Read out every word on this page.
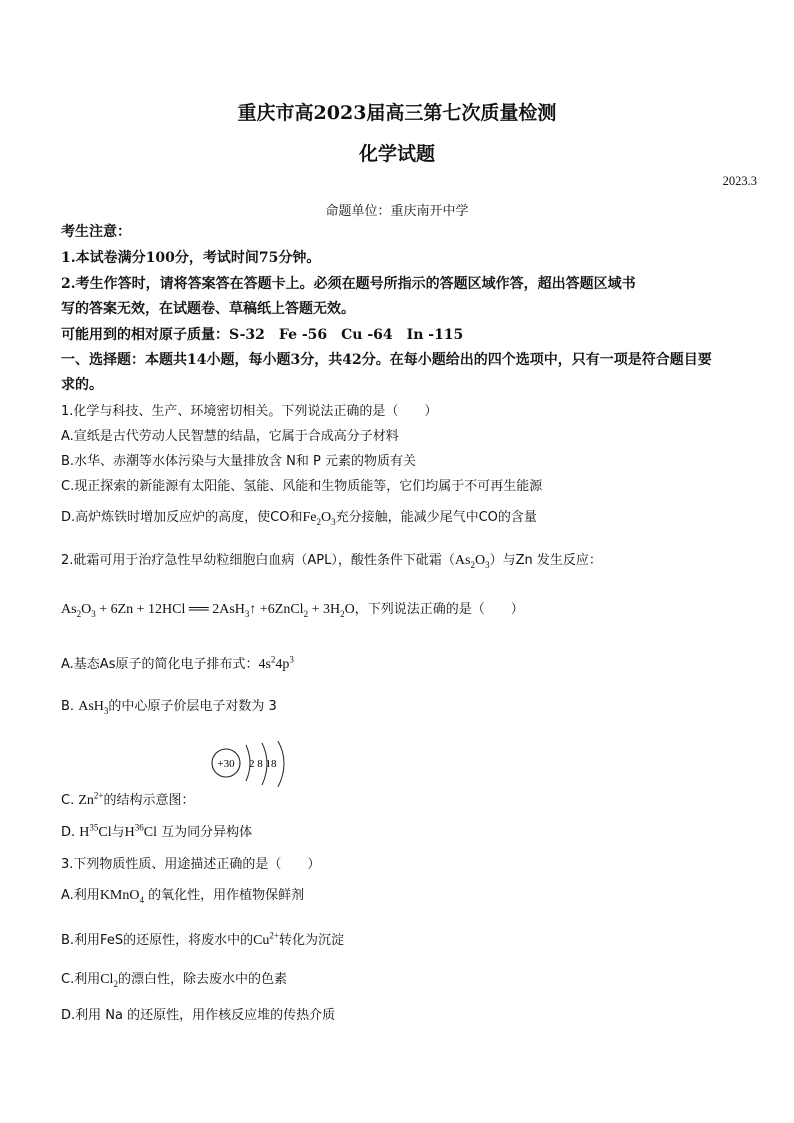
重庆市高2023届高三第七次质量检测
化学试题
2023.3
命题单位：重庆南开中学
考生注意：
1.本试卷满分100分，考试时间75分钟。
2.考生作答时，请将答案答在答题卡上。必须在题号所指示的答题区域作答，超出答题区域书
写的答案无效，在试题卷、草稿纸上答题无效。
可能用到的相对原子质量：S-32　Fe -56　Cu -64　In -115
一、选择题：本题共14小题，每小题3分，共42分。在每小题给出的四个选项中，只有一项是符合题目要
求的。
1.化学与科技、生产、环境密切相关。下列说法正确的是（　　）
A.宣纸是古代劳动人民智慧的结晶，它属于合成高分子材料
B.水华、赤潮等水体污染与大量排放含 N和 P 元素的物质有关
C.现正探索的新能源有太阳能、氢能、风能和生物质能等，它们均属于不可再生能源
D.高炉炼铁时增加反应炉的高度，使CO和$Fe_2O_3$充分接触，能减少尾气中CO的含量
2.砒霜可用于治疗急性早幼粒细胞白血病（APL），酸性条件下砒霜$(As_2O_3)$与Zn 发生反应：
$As_2O_3 + 6Zn + 12HCl$ ══ 2AsH$_3$↑ +6ZnCl$_2$ + $3H_2O$，下列说法正确的是（　　）
A.基态As原子的简化电子排布式：$4s^24p^3$
B. AsH$_3$的中心原子价层电子对数为 3
+30 2 8 18
C. $Zn^{2+}$的结构示意图：
D. $H^{35}Cl$与$H^{36}Cl$ 互为同分异构体
3.下列物质性质、用途描述正确的是（　　）
A.利用KMnO$_4$ 的氧化性，用作植物保鲜剂
B.利用FeS的还原性，将废水中的$Cu^{2+}$转化为沉淀
C.利用$Cl_2$的漂白性，除去废水中的色素
D.利用 Na 的还原性，用作核反应堆的传热介质
